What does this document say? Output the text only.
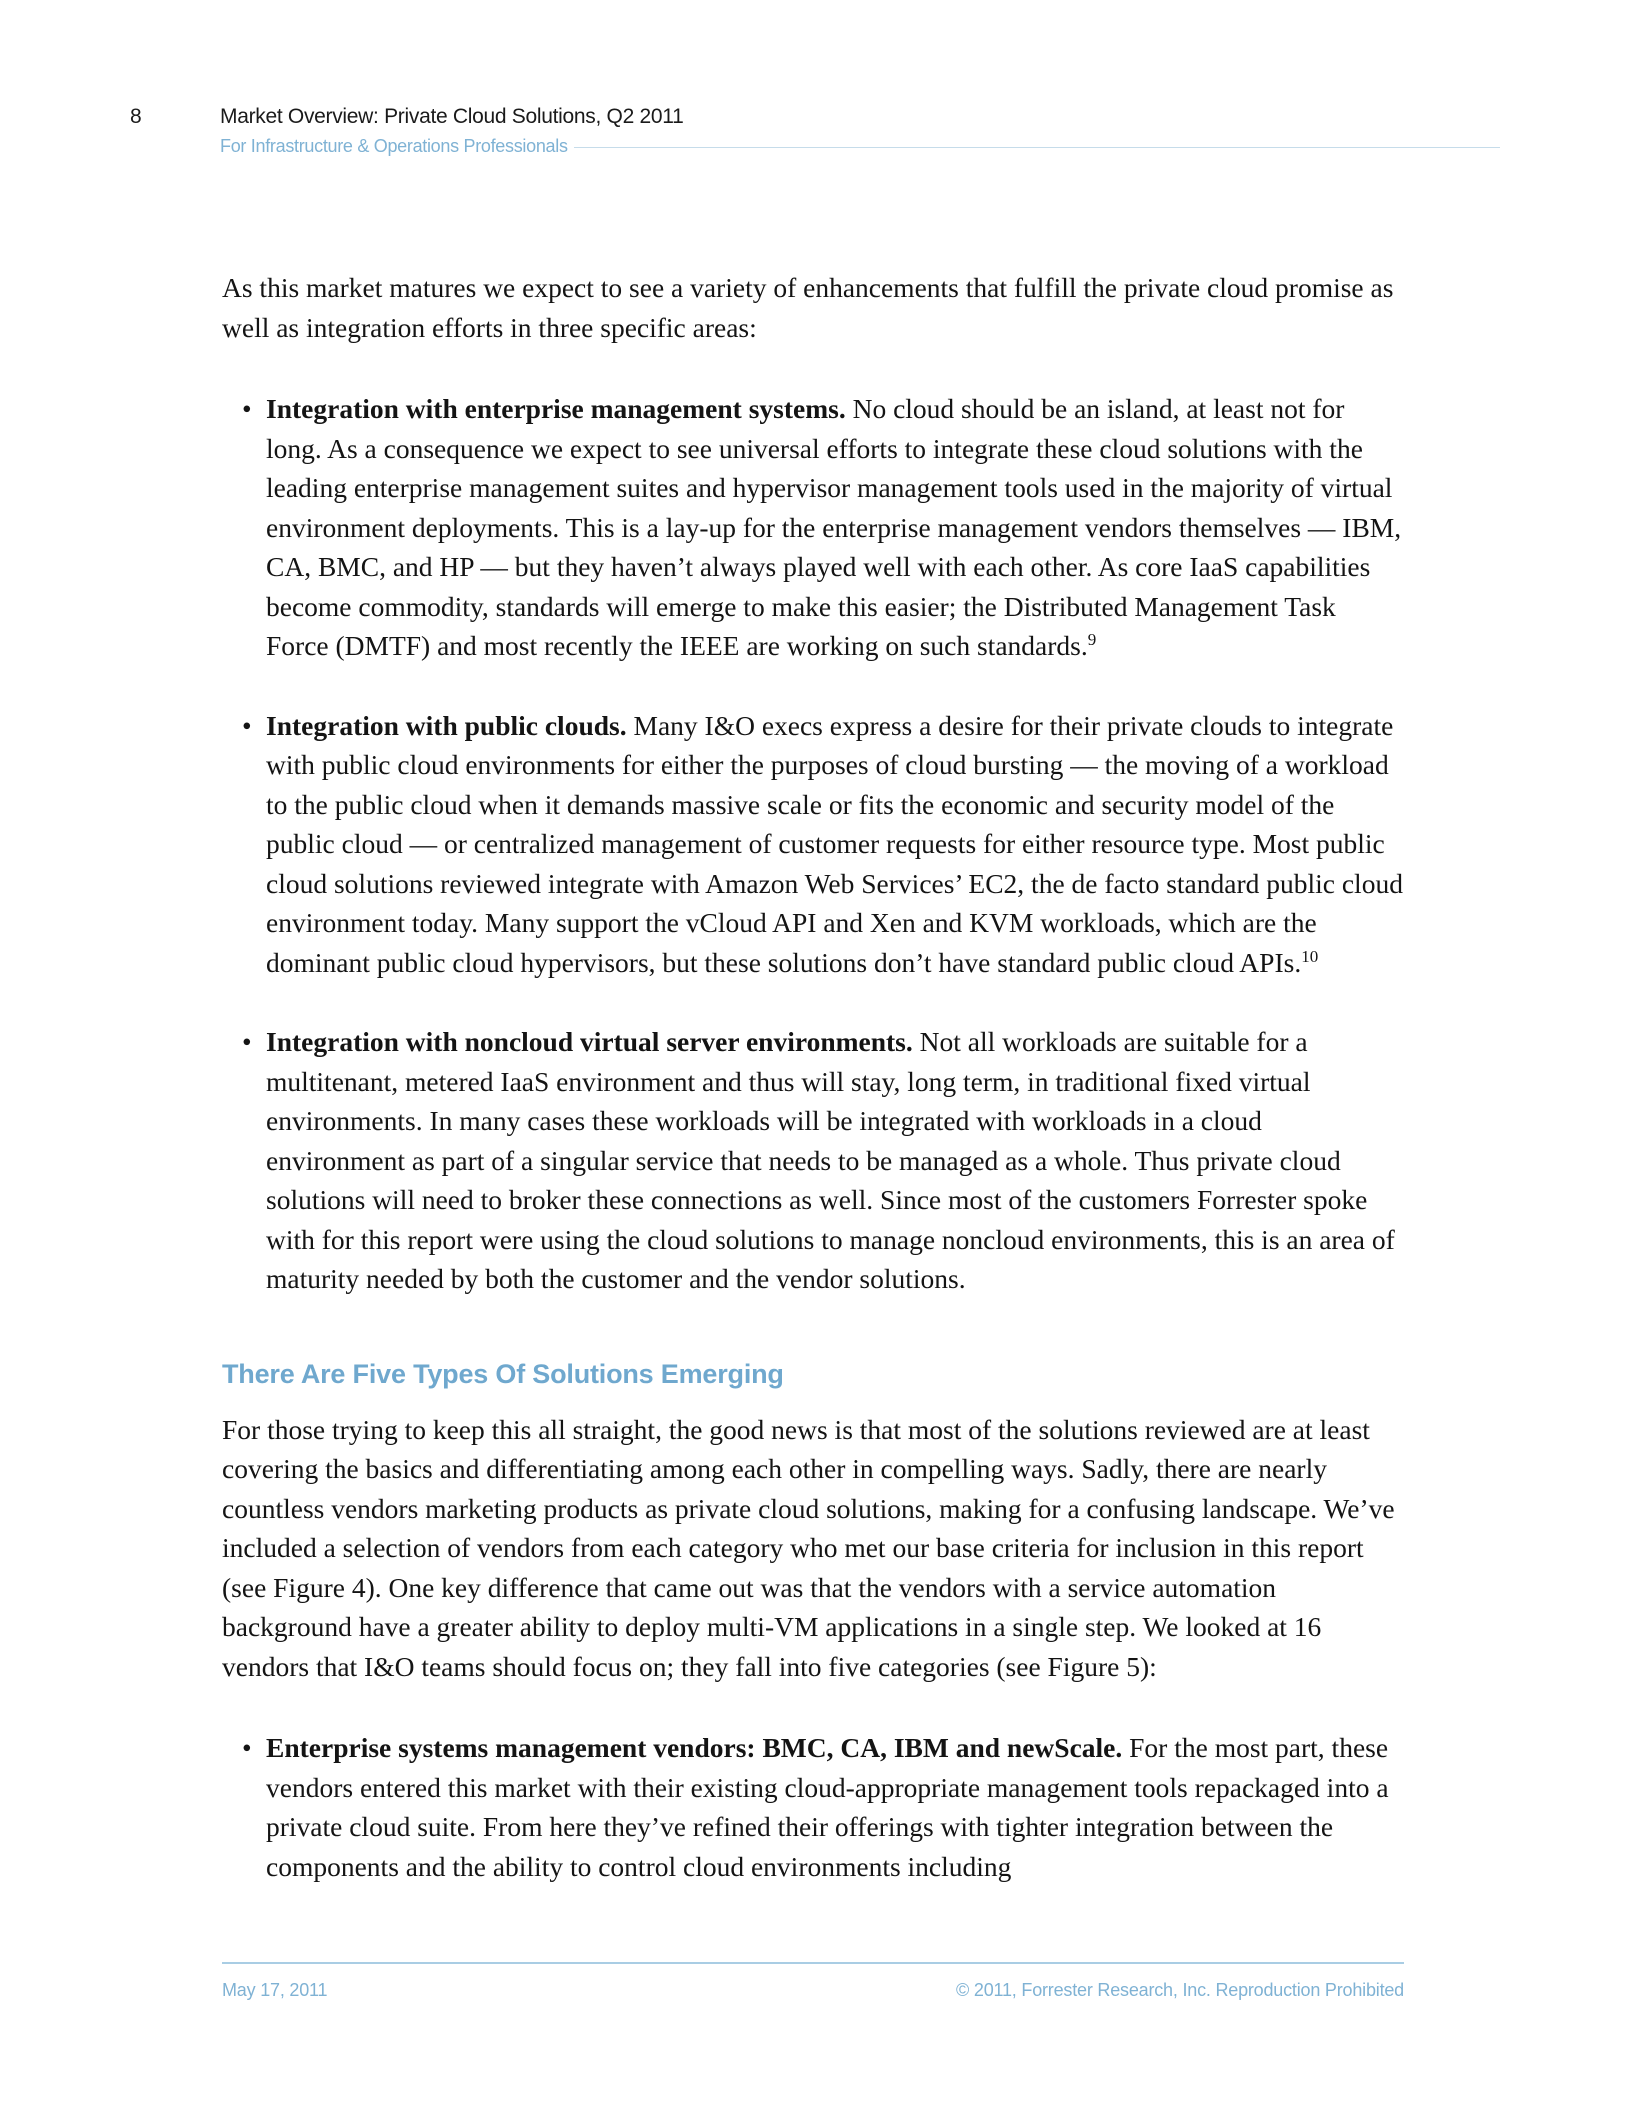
8	Market Overview: Private Cloud Solutions, Q2 2011
For Infrastructure & Operations Professionals

As this market matures we expect to see a variety of enhancements that fulfill the private cloud promise as well as integration efforts in three specific areas:

• Integration with enterprise management systems. No cloud should be an island, at least not for long. As a consequence we expect to see universal efforts to integrate these cloud solutions with the leading enterprise management suites and hypervisor management tools used in the majority of virtual environment deployments. This is a lay-up for the enterprise management vendors themselves — IBM, CA, BMC, and HP — but they haven’t always played well with each other. As core IaaS capabilities become commodity, standards will emerge to make this easier; the Distributed Management Task Force (DMTF) and most recently the IEEE are working on such standards.$^9$
• Integration with public clouds. Many I&O execs express a desire for their private clouds to integrate with public cloud environments for either the purposes of cloud bursting — the moving of a workload to the public cloud when it demands massive scale or fits the economic and security model of the public cloud — or centralized management of customer requests for either resource type. Most public cloud solutions reviewed integrate with Amazon Web Services’ EC2, the de facto standard public cloud environment today. Many support the vCloud API and Xen and KVM workloads, which are the dominant public cloud hypervisors, but these solutions don’t have standard public cloud APIs.$^{10}$
• Integration with noncloud virtual server environments. Not all workloads are suitable for a multitenant, metered IaaS environment and thus will stay, long term, in traditional fixed virtual environments. In many cases these workloads will be integrated with workloads in a cloud environment as part of a singular service that needs to be managed as a whole. Thus private cloud solutions will need to broker these connections as well. Since most of the customers Forrester spoke with for this report were using the cloud solutions to manage noncloud environments, this is an area of maturity needed by both the customer and the vendor solutions.
There Are Five Types Of Solutions Emerging

For those trying to keep this all straight, the good news is that most of the solutions reviewed are at least covering the basics and differentiating among each other in compelling ways. Sadly, there are nearly countless vendors marketing products as private cloud solutions, making for a confusing landscape. We’ve included a selection of vendors from each category who met our base criteria for inclusion in this report (see Figure 4). One key difference that came out was that the vendors with a service automation background have a greater ability to deploy multi-VM applications in a single step. We looked at 16 vendors that I&O teams should focus on; they fall into five categories (see Figure 5):

• Enterprise systems management vendors: BMC, CA, IBM and newScale. For the most part, these vendors entered this market with their existing cloud-appropriate management tools repackaged into a private cloud suite. From here they’ve refined their offerings with tighter integration between the components and the ability to control cloud environments including
May 17, 2011	© 2011, Forrester Research, Inc. Reproduction Prohibited
